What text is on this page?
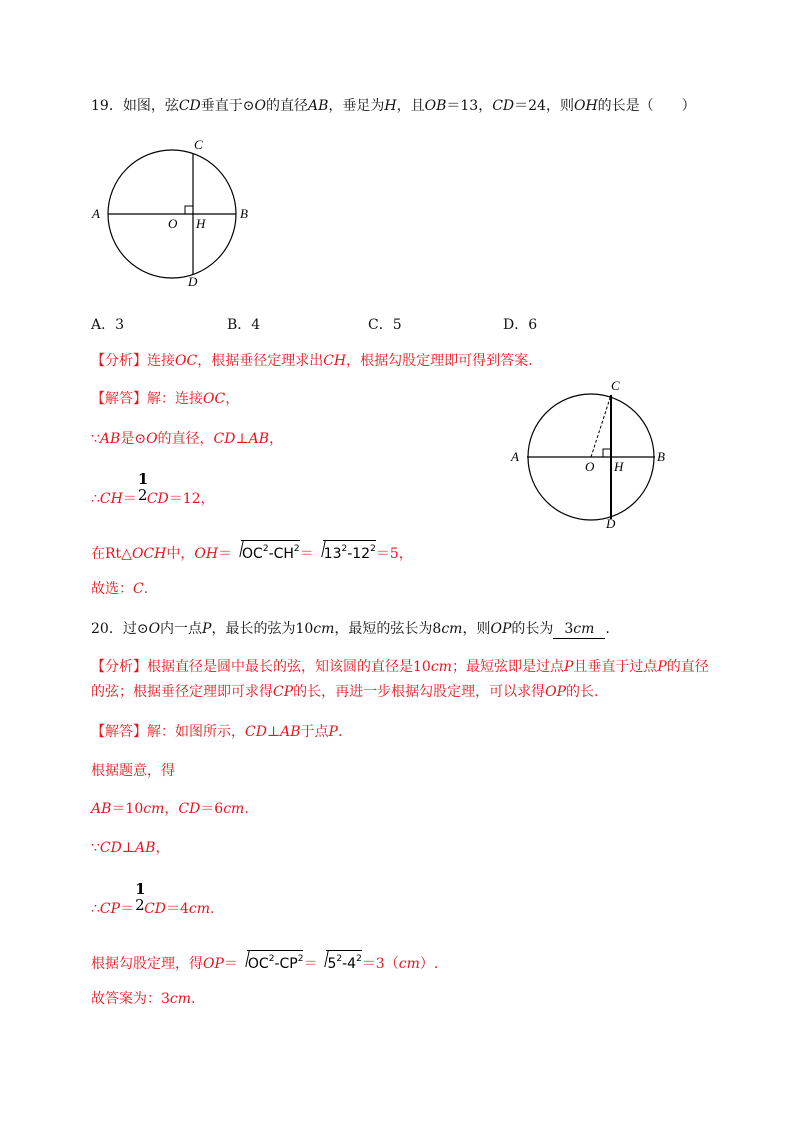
19．如图，弦CD垂直于⊙O的直径AB，垂足为H，且OB＝13，CD＝24，则OH的长是（　　）
A	B
C
D
O H
A．3	B．4	C．5	D．6
【分析】连接OC，根据垂径定理求出CH，根据勾股定理即可得到答案.
【解答】解：连接OC，
∵AB是⊙O的直径，CD⊥AB，
∴CH＝
1
2 CD＝12，
在Rt△OCH中，$OH= OC^2-CH^2= 13^2-12^2=5$，
故选：C.
A	B
C
D
O H
20．过⊙O内一点P，最长的弦为10cm，最短的弦长为8cm，则OP的长为 3cm .
【分析】根据直径是圆中最长的弦，知该圆的直径是10cm；最短弦即是过点P且垂直于过点P的直径
的弦；根据垂径定理即可求得CP的长，再进一步根据勾股定理，可以求得OP的长.
【解答】解：如图所示，CD⊥AB于点P.
根据题意，得
AB＝10cm，CD＝6cm.
∵CD⊥AB，
∴CP＝
1
2 CD＝4cm.
根据勾股定理，得$OP= OC^2-CP^2= 5^2-4^2=3(cm)$.
故答案为：3cm.
